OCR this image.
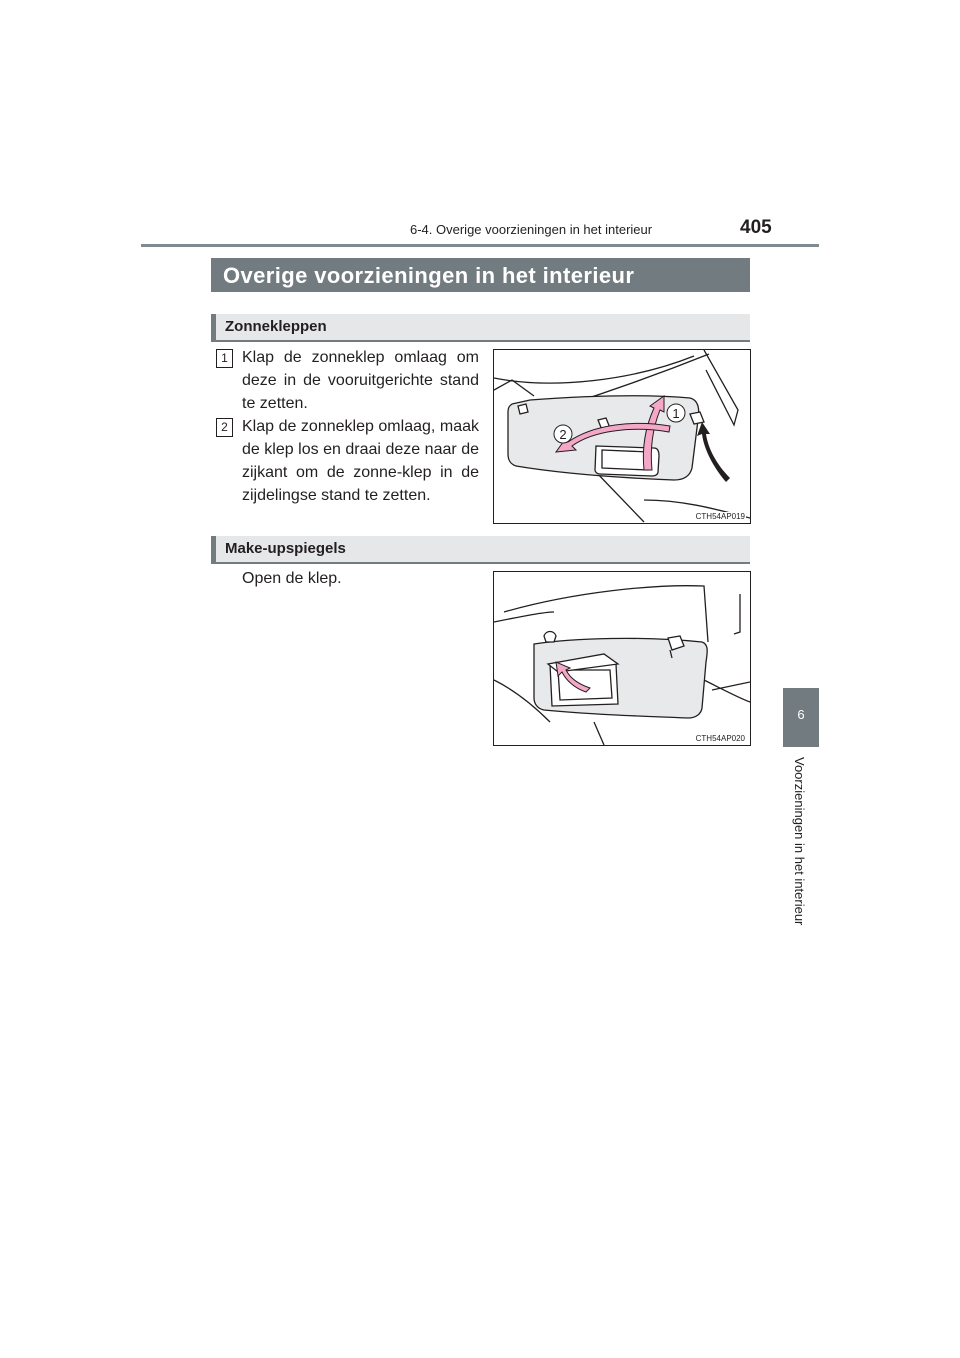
6-4. Overige voorzieningen in het interieur	405
Overige voorzieningen in het interieur
Zonnekleppen
1 Klap de zonneklep omlaag om deze in de vooruitgerichte stand te zetten.
2 Klap de zonneklep omlaag, maak de klep los en draai deze naar de zijkant om de zonne-klep in de zijdelingse stand te zetten.
1
2
CTH54AP019
Make-upspiegels
Open de klep.
CTH54AP020
6
Voorzieningen in het interieur
